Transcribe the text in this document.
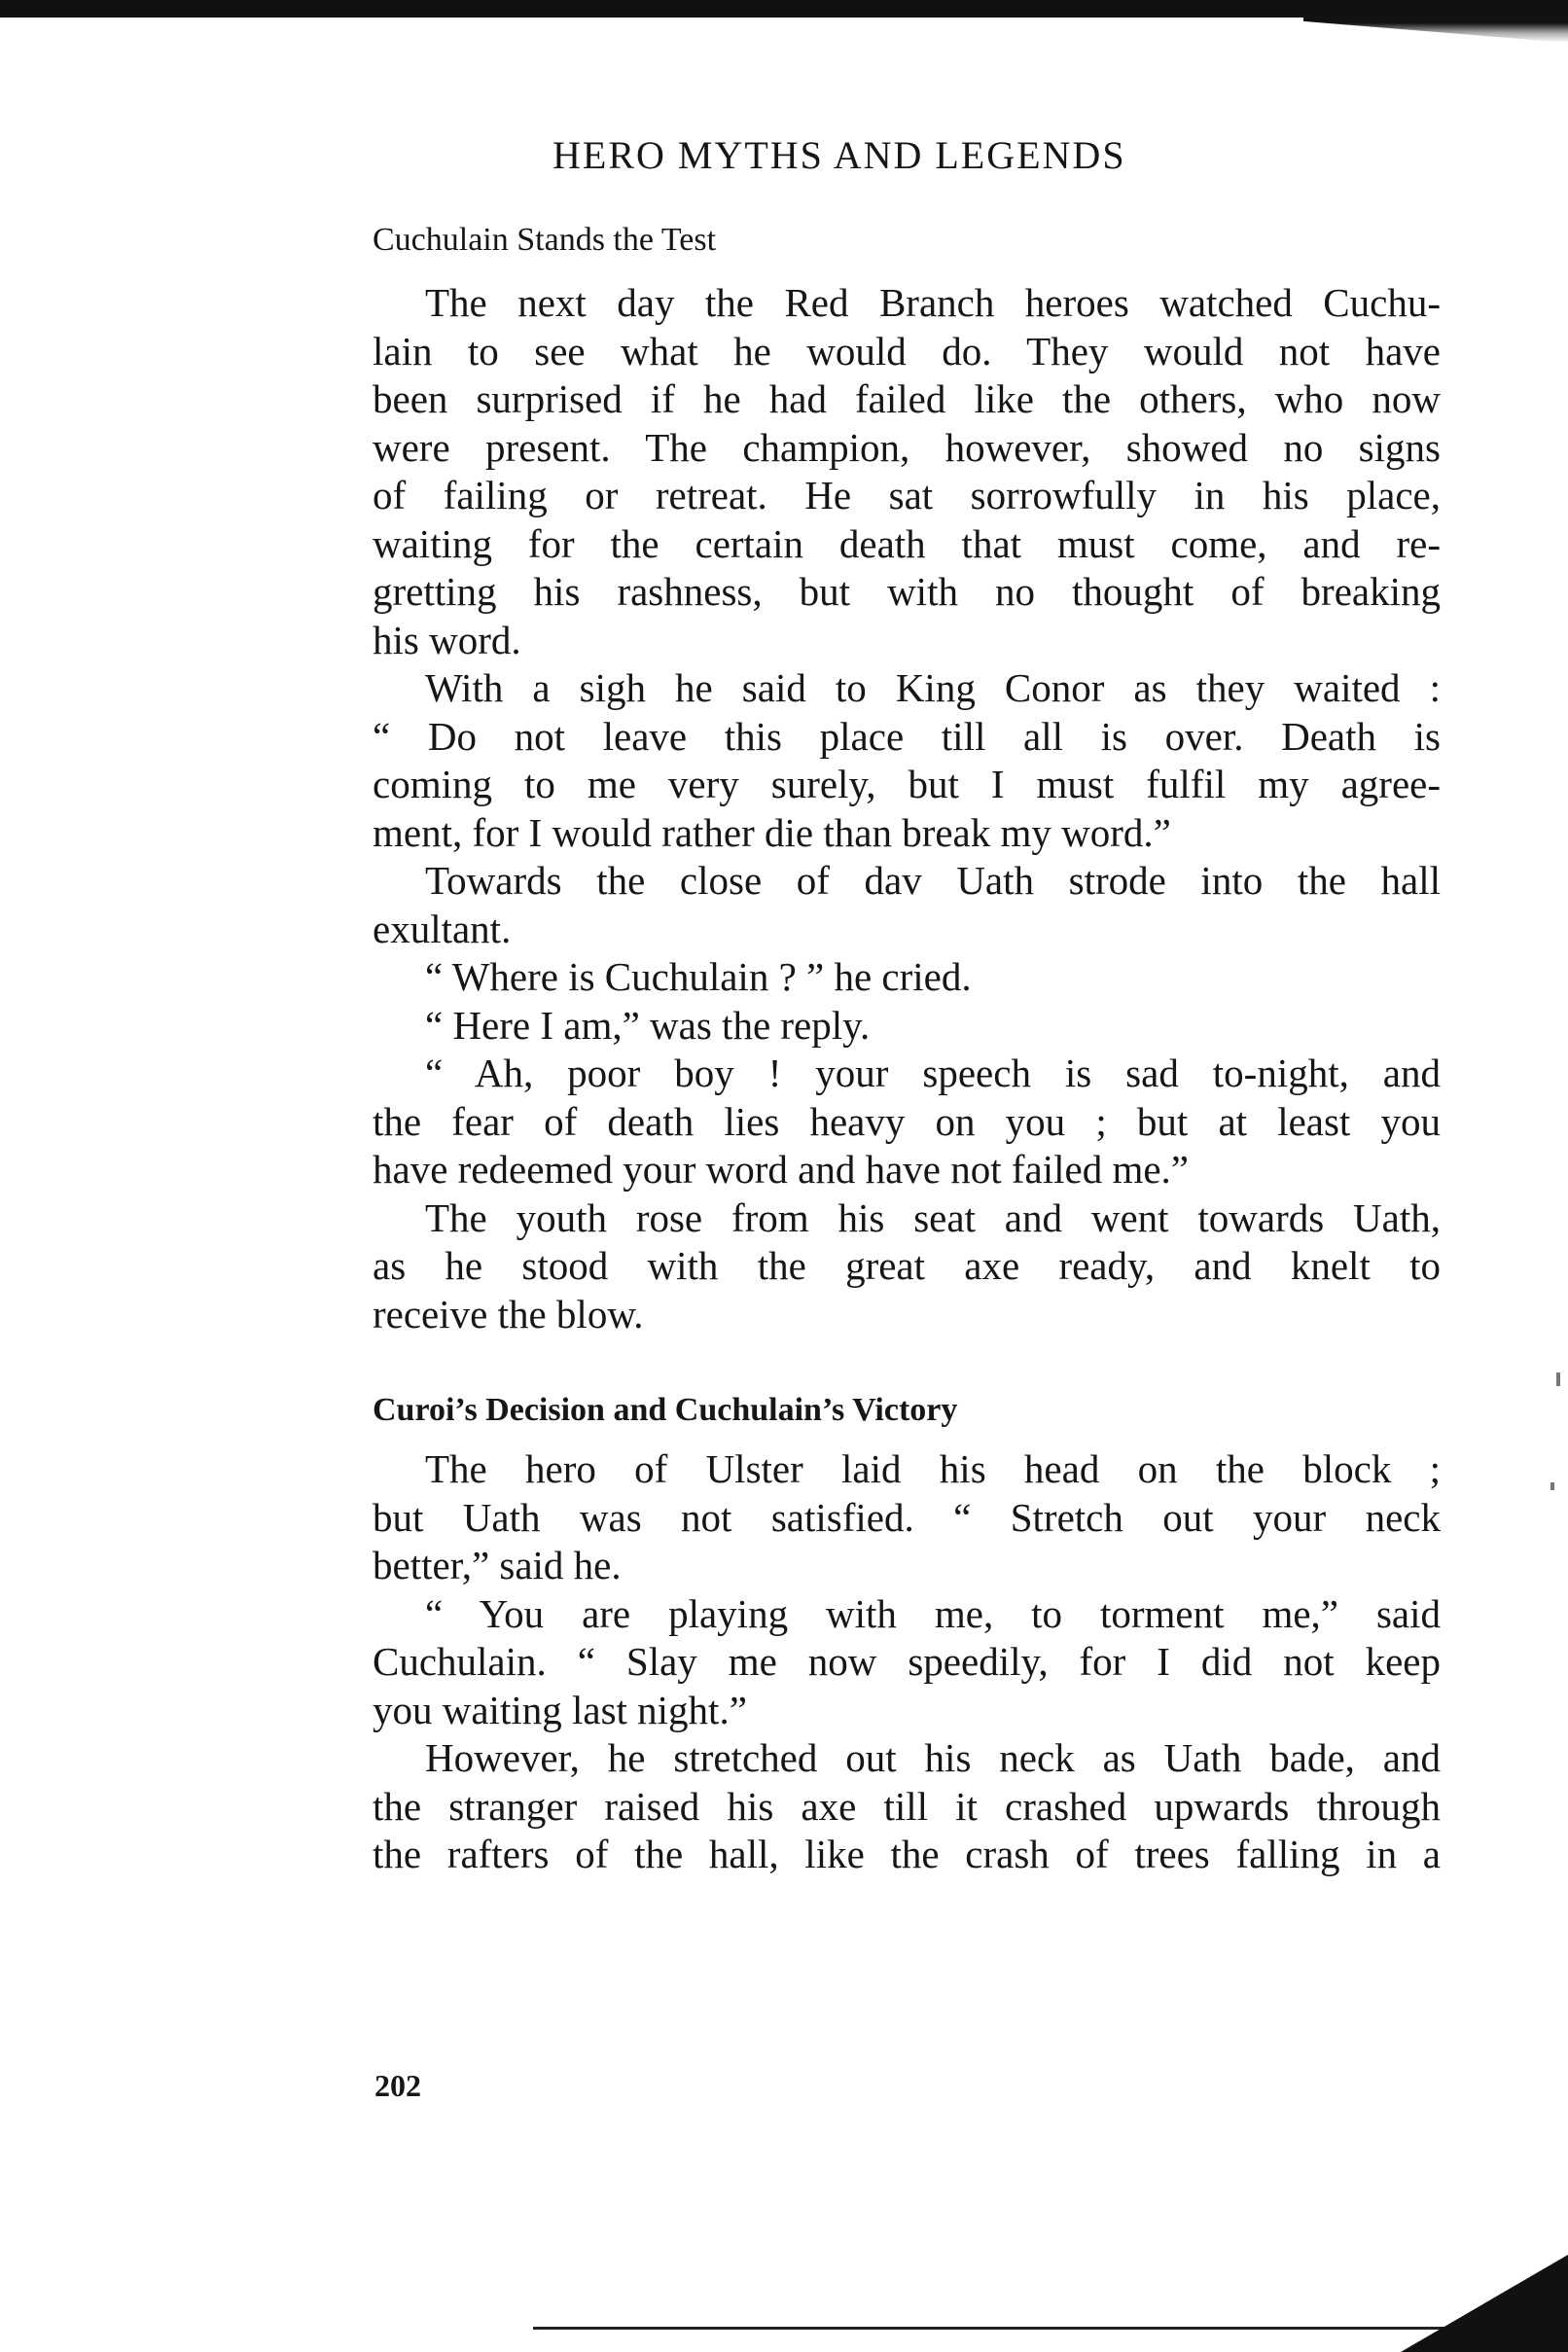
HERO MYTHS AND LEGENDS
Cuchulain Stands the Test
The next day the Red Branch heroes watched Cuchu-
lain to see what he would do. They would not have
been surprised if he had failed like the others, who now
were present. The champion, however, showed no signs
of failing or retreat. He sat sorrowfully in his place,
waiting for the certain death that must come, and re-
gretting his rashness, but with no thought of breaking
his word.
With a sigh he said to King Conor as they waited :
“ Do not leave this place till all is over. Death is
coming to me very surely, but I must fulfil my agree-
ment, for I would rather die than break my word.”
Towards the close of dav Uath strode into the hall
exultant.
“ Where is Cuchulain ? ” he cried.
“ Here I am,” was the reply.
“ Ah, poor boy ! your speech is sad to-night, and
the fear of death lies heavy on you ; but at least you
have redeemed your word and have not failed me.”
The youth rose from his seat and went towards Uath,
as he stood with the great axe ready, and knelt to
receive the blow.
Curoi’s Decision and Cuchulain’s Victory
The hero of Ulster laid his head on the block ;
but Uath was not satisfied. “ Stretch out your neck
better,” said he.
“ You are playing with me, to torment me,” said
Cuchulain. “ Slay me now speedily, for I did not keep
you waiting last night.”
However, he stretched out his neck as Uath bade, and
the stranger raised his axe till it crashed upwards through
the rafters of the hall, like the crash of trees falling in a
202
